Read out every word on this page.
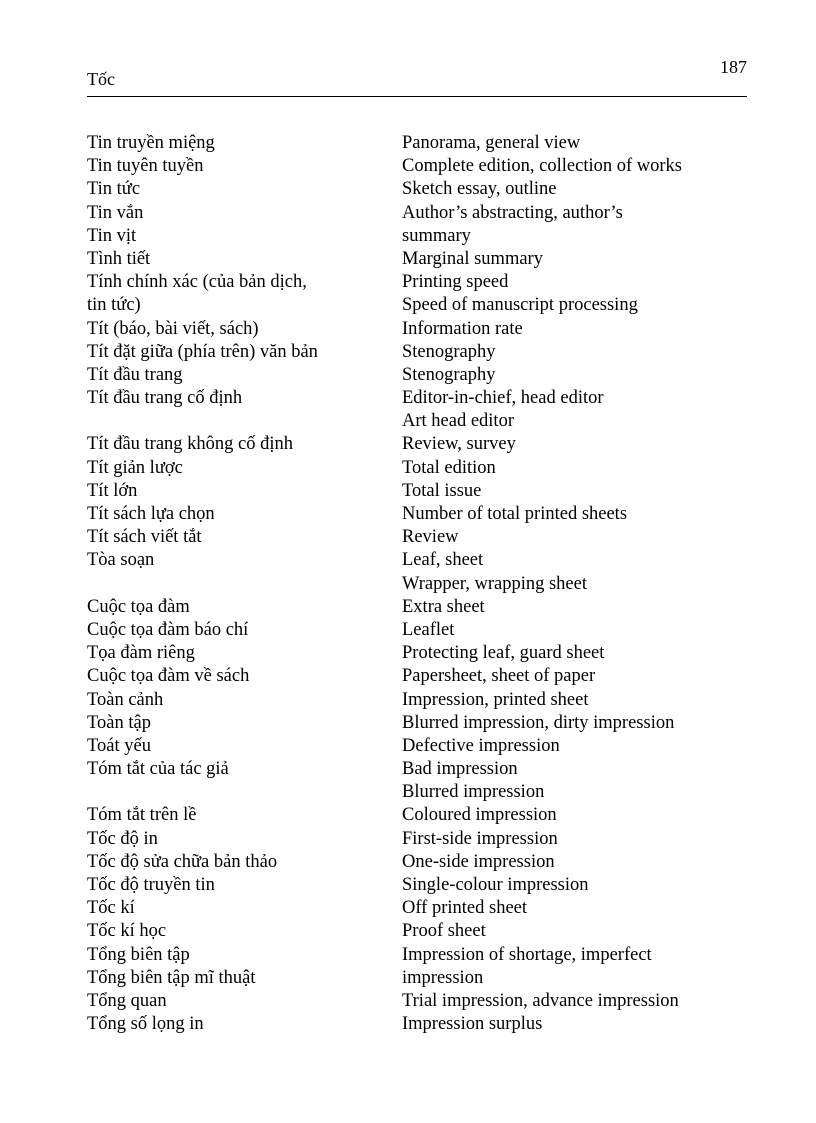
Tốc
187
Tin truyền miệng
Tin tuyên tuyền
Tin tức
Tin vắn
Tin vịt
Tình tiết
Tính chính xác (của bản dịch,
tin tức)
Tít (báo, bài viết, sách)
Tít đặt giữa (phía trên) văn bản
Tít đầu trang
Tít đầu trang cố định
Tít đầu trang không cố định
Tít giản lược
Tít lớn
Tít sách lựa chọn
Tít sách viết tắt
Tòa soạn
Cuộc tọa đàm
Cuộc tọa đàm báo chí
Tọa đàm riêng
Cuộc tọa đàm về sách
Toàn cảnh
Toàn tập
Toát yếu
Tóm tắt của tác giả
Tóm tắt trên lề
Tốc độ in
Tốc độ sửa chữa bản thảo
Tốc độ truyền tin
Tốc kí
Tốc kí học
Tổng biên tập
Tổng biên tập mĩ thuật
Tổng quan
Tổng số lọng in
Panorama, general view
Complete edition, collection of works
Sketch essay, outline
Author’s abstracting, author’s
summary
Marginal summary
Printing speed
Speed of manuscript processing
Information rate
Stenography
Stenography
Editor-in-chief, head editor
Art head editor
Review, survey
Total edition
Total issue
Number of total printed sheets
Review
Leaf, sheet
Wrapper, wrapping sheet
Extra sheet
Leaflet
Protecting leaf, guard sheet
Papersheet, sheet of paper
Impression, printed sheet
Blurred impression, dirty impression
Defective impression
Bad impression
Blurred impression
Coloured impression
First-side impression
One-side impression
Single-colour impression
Off printed sheet
Proof sheet
Impression of shortage, imperfect
impression
Trial impression, advance impression
Impression surplus
